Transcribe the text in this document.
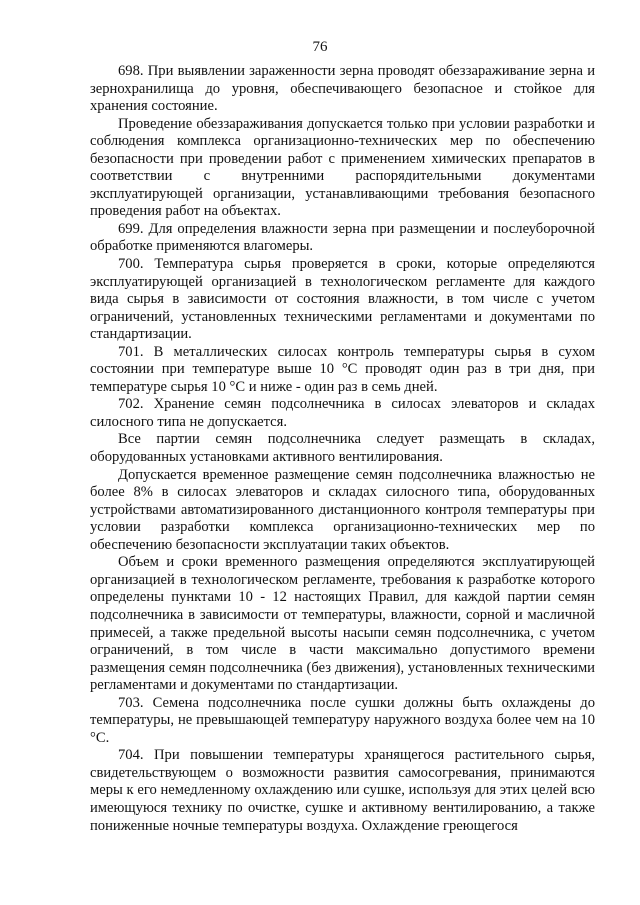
76

698. При выявлении зараженности зерна проводят обеззараживание зерна и зернохранилища до уровня, обеспечивающего безопасное и стойкое для хранения состояние.

Проведение обеззараживания допускается только при условии разработки и соблюдения комплекса организационно-технических мер по обеспечению безопасности при проведении работ с применением химических препаратов в соответствии с внутренними распорядительными документами эксплуатирующей организации, устанавливающими требования безопасного проведения работ на объектах.

699. Для определения влажности зерна при размещении и послеуборочной обработке применяются влагомеры.

700. Температура сырья проверяется в сроки, которые определяются эксплуатирующей организацией в технологическом регламенте для каждого вида сырья в зависимости от состояния влажности, в том числе с учетом ограничений, установленных техническими регламентами и документами по стандартизации.

701. В металлических силосах контроль температуры сырья в сухом состоянии при температуре выше 10 °С проводят один раз в три дня, при температуре сырья 10 °С и ниже - один раз в семь дней.

702. Хранение семян подсолнечника в силосах элеваторов и складах силосного типа не допускается.

Все партии семян подсолнечника следует размещать в складах, оборудованных установками активного вентилирования.

Допускается временное размещение семян подсолнечника влажностью не более 8% в силосах элеваторов и складах силосного типа, оборудованных устройствами автоматизированного дистанционного контроля температуры при условии разработки комплекса организационно-технических мер по обеспечению безопасности эксплуатации таких объектов.

Объем и сроки временного размещения определяются эксплуатирующей организацией в технологическом регламенте, требования к разработке которого определены пунктами 10 - 12 настоящих Правил, для каждой партии семян подсолнечника в зависимости от температуры, влажности, сорной и масличной примесей, а также предельной высоты насыпи семян подсолнечника, с учетом ограничений, в том числе в части максимально допустимого времени размещения семян подсолнечника (без движения), установленных техническими регламентами и документами по стандартизации.

703. Семена подсолнечника после сушки должны быть охлаждены до температуры, не превышающей температуру наружного воздуха более чем на 10 °С.

704. При повышении температуры хранящегося растительного сырья, свидетельствующем о возможности развития самосогревания, принимаются меры к его немедленному охлаждению или сушке, используя для этих целей всю имеющуюся технику по очистке, сушке и активному вентилированию, а также пониженные ночные температуры воздуха. Охлаждение греющегося
